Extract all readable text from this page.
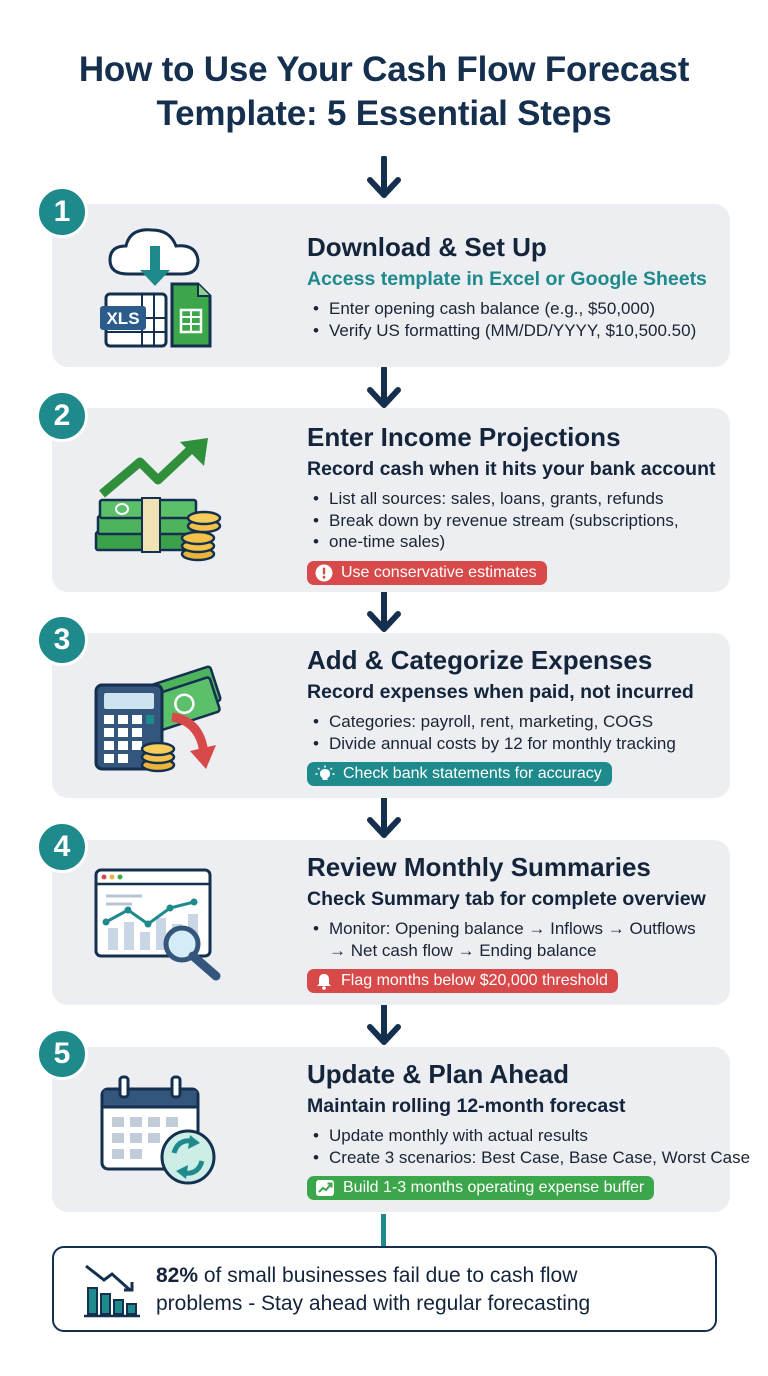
How to Use Your Cash Flow Forecast
Template: 5 Essential Steps
XLS
Download & Set Up
Access template in Excel or Google Sheets
• Enter opening cash balance (e.g., $50,000)
• Verify US formatting (MM/DD/YYYY, $10,500.50)
1
Enter Income Projections
Record cash when it hits your bank account
• List all sources: sales, loans, grants, refunds
• Break down by revenue stream (subscriptions,
• one-time sales)
Use conservative estimates
2
Add & Categorize Expenses
Record expenses when paid, not incurred
• Categories: payroll, rent, marketing, COGS
• Divide annual costs by 12 for monthly tracking
Check bank statements for accuracy
3
Review Monthly Summaries
Check Summary tab for complete overview
• Monitor: Opening balance → Inflows → Outflows
→ Net cash flow → Ending balance
Flag months below $20,000 threshold
4
Update & Plan Ahead
Maintain rolling 12-month forecast
• Update monthly with actual results
• Create 3 scenarios: Best Case, Base Case, Worst Case
Build 1-3 months operating expense buffer
5
82% of small businesses fail due to cash flow
problems - Stay ahead with regular forecasting
